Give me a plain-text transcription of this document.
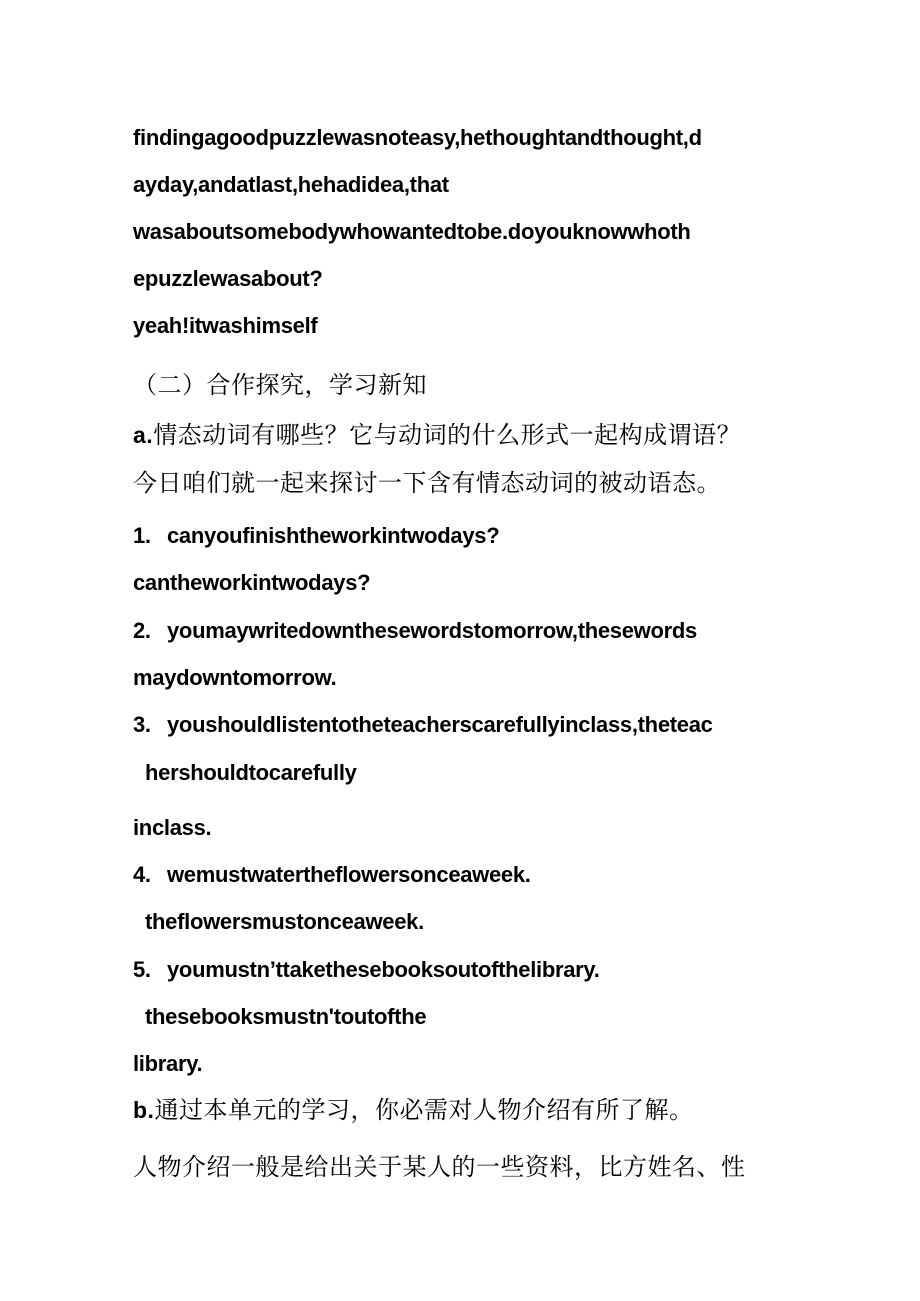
findingagoodpuzzlewasnoteasy,hethoughtandthought,d
ayday,andatlast,hehadidea,that
wasaboutsomebodywhowantedtobe.doyouknowwhoth
epuzzlewasabout?
yeah!itwashimself
（二）合作探究，学习新知
a.情态动词有哪些？它与动词的什么形式一起构成谓语？
今日咱们就一起来探讨一下含有情态动词的被动语态。
1. canyoufinishtheworkintwodays?
cantheworkintwodays?
2. youmaywritedownthesewordstomorrow,thesewords
maydowntomorrow.
3. youshouldlistentotheteacherscarefullyinclass,theteac
hershouldtocarefully
inclass.
4. wemustwatertheflowersonceaweek.
theflowersmustonceaweek.
5. youmustn’ttakethesebooksoutofthelibrary.
thesebooksmustn'toutofthe
library.
b.通过本单元的学习，你必需对人物介绍有所了解。
人物介绍一般是给出关于某人的一些资料，比方姓名、性
